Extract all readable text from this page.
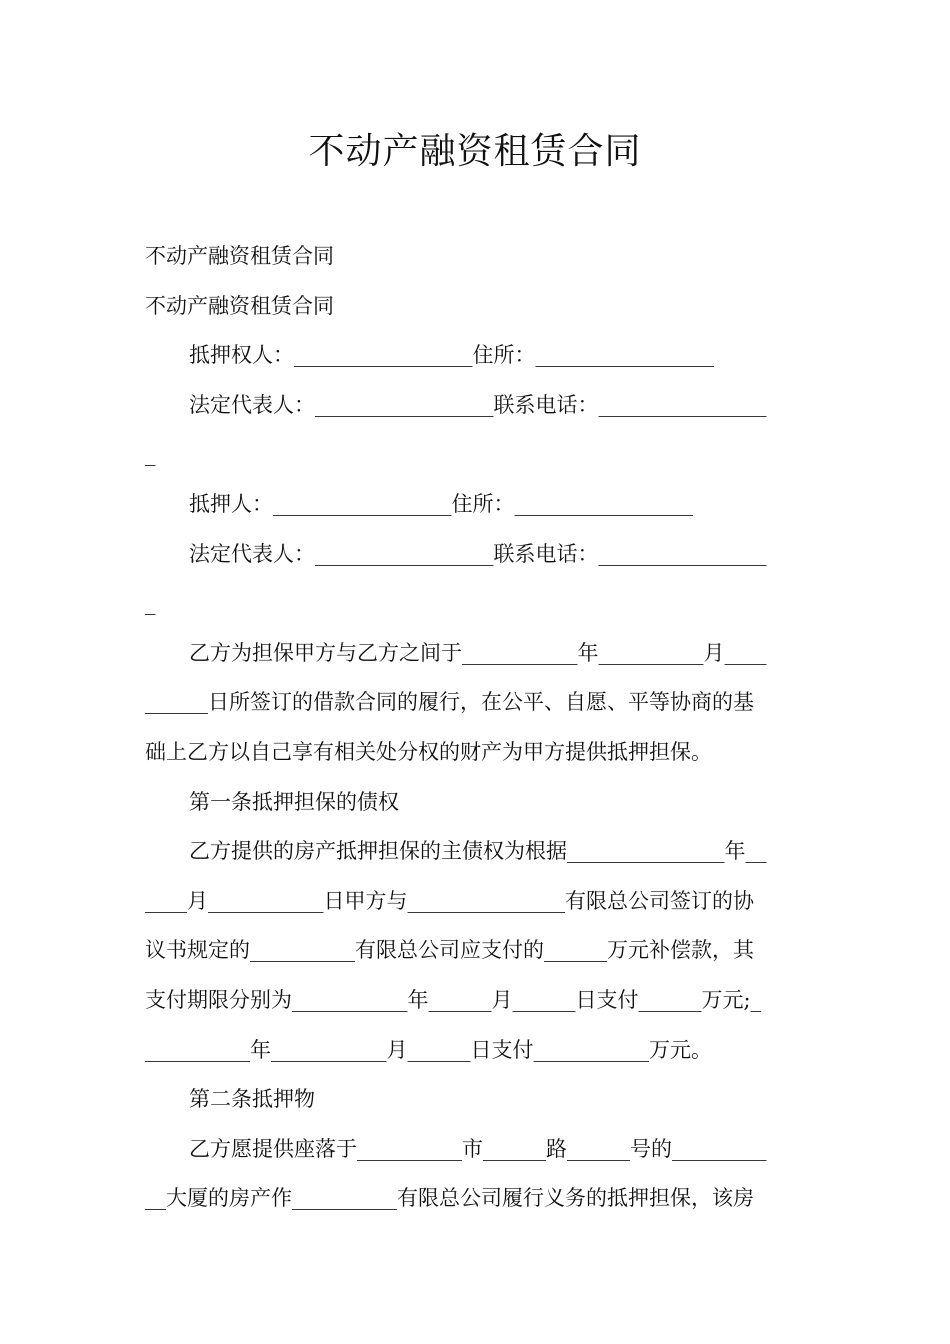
不动产融资租赁合同
不动产融资租赁合同
不动产融资租赁合同
抵押权人：_________________住所：_________________
法定代表人：_________________联系电话：________________
_
抵押人：_________________住所：_________________
法定代表人：_________________联系电话：________________
_
乙方为担保甲方与乙方之间于___________年__________月____
______日所签订的借款合同的履行，在公平、自愿、平等协商的基
础上乙方以自己享有相关处分权的财产为甲方提供抵押担保。
第一条抵押担保的债权
乙方提供的房产抵押担保的主债权为根据_______________年__
____月___________日甲方与_______________有限总公司签订的协
议书规定的__________有限总公司应支付的______万元补偿款，其
支付期限分别为___________年______月______日支付______万元;_
__________年___________月______日支付___________万元。
第二条抵押物
乙方愿提供座落于__________市______路______号的_________
__大厦的房产作__________有限总公司履行义务的抵押担保，该房
